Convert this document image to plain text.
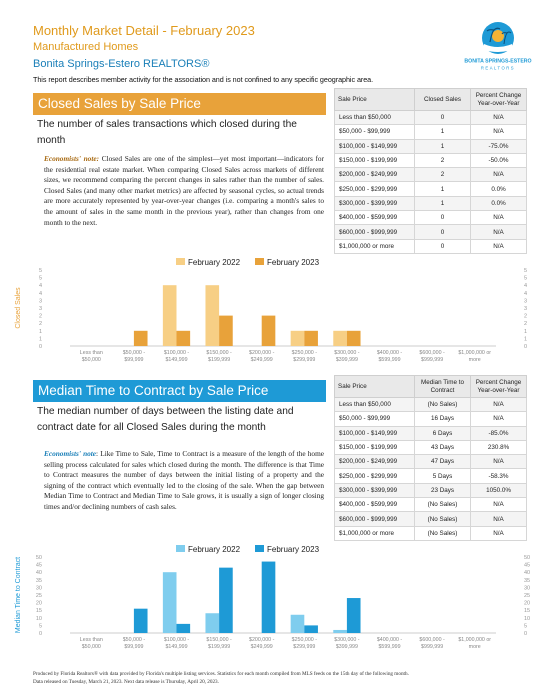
Monthly Market Detail - February 2023
Manufactured Homes
Bonita Springs-Estero REALTORS®
This report describes member activity for the association and is not confined to any specific geographic area.
BONITA SPRINGS-ESTERO
REALTORS
Closed Sales by Sale Price
The number of sales transactions which closed during the month
Economists' note: Closed Sales are one of the simplest—yet most important—indicators for the residential real estate market. When comparing Closed Sales across markets of different sizes, we recommend comparing the percent changes in sales rather than the number of sales. Closed Sales (and many other market metrics) are affected by seasonal cycles, so actual trends are more accurately represented by year-over-year changes (i.e. comparing a month's sales to the amount of sales in the same month in the previous year), rather than changes from one month to the next.
Sale Price	Closed Sales	Percent Change Year-over-Year
Less than $50,000	0	N/A
$50,000 - $99,999	1	N/A
$100,000 - $149,999	1	-75.0%
$150,000 - $199,999	2	-50.0%
$200,000 - $249,999	2	N/A
$250,000 - $299,999	1	0.0%
$300,000 - $399,999	1	0.0%
$400,000 - $599,999	0	N/A
$600,000 - $999,999	0	N/A
$1,000,000 or more	0	N/A
February 2022	February 2023
0	0
1	1
1	1
2	2
2	2
3	3
3	3
4	4
4	4
5	5
5	5
Closed Sales
Less than
$50,000
$50,000 -
$99,999
$100,000 -
$149,999
$150,000 -
$199,999
$200,000 -
$249,999
$250,000 -
$299,999
$300,000 -
$399,999
$400,000 -
$599,999
$600,000 -
$999,999
$1,000,000 or
more
Median Time to Contract by Sale Price
The median number of days between the listing date and contract date for all Closed Sales during the month
Economists' note: Like Time to Sale, Time to Contract is a measure of the length of the home selling process calculated for sales which closed during the month. The difference is that Time to Contract measures the number of days between the initial listing of a property and the signing of the contract which eventually led to the closing of the sale. When the gap between Median Time to Contract and Median Time to Sale grows, it is usually a sign of longer closing times and/or declining numbers of cash sales.
Sale Price	Median Time to Contract	Percent Change Year-over-Year
Less than $50,000	(No Sales)	N/A
$50,000 - $99,999	16 Days	N/A
$100,000 - $149,999	6 Days	-85.0%
$150,000 - $199,999	43 Days	230.8%
$200,000 - $249,999	47 Days	N/A
$250,000 - $299,999	5 Days	-58.3%
$300,000 - $399,999	23 Days	1050.0%
$400,000 - $599,999	(No Sales)	N/A
$600,000 - $999,999	(No Sales)	N/A
$1,000,000 or more	(No Sales)	N/A
February 2022	February 2023
0	0
5	5
10	10
15	15
20	20
25	25
30	30
35	35
40	40
45	45
50	50
Median Time to Contract
Less than
$50,000
$50,000 -
$99,999
$100,000 -
$149,999
$150,000 -
$199,999
$200,000 -
$249,999
$250,000 -
$299,999
$300,000 -
$399,999
$400,000 -
$599,999
$600,000 -
$999,999
$1,000,000 or
more
Produced by Florida Realtors® with data provided by Florida's multiple listing services. Statistics for each month compiled from MLS feeds on the 15th day of the following month.
Data released on Tuesday, March 21, 2023. Next data release is Thursday, April 20, 2023.
